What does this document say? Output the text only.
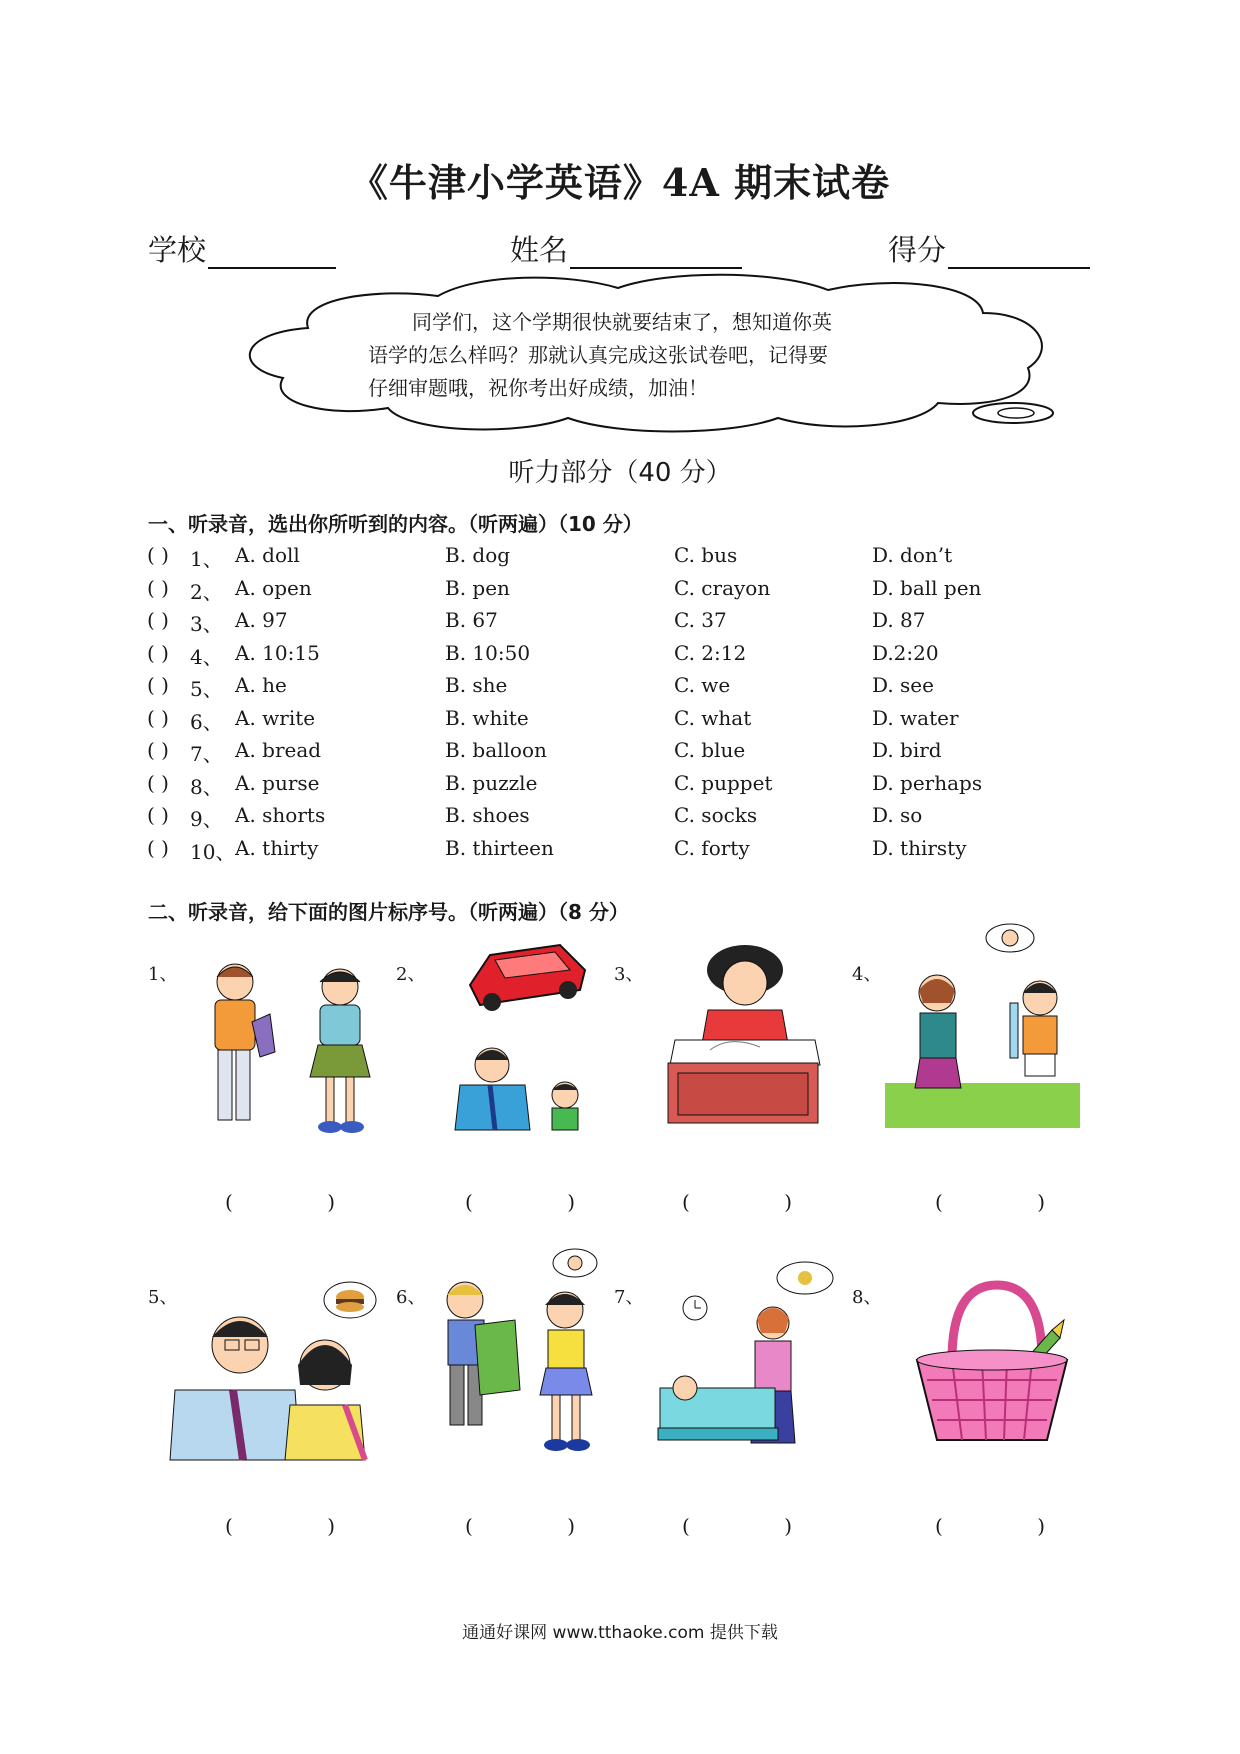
《牛津小学英语》4A 期末试卷
学校	姓名	得分
同学们，这个学期很快就要结束了，想知道你英
语学的怎么样吗？那就认真完成这张试卷吧，记得要
仔细审题哦，祝你考出好成绩，加油！
听力部分（40 分）
一、听录音，选出你所听到的内容。（听两遍）（10 分）
( ) 1、 A. doll	B. dog	C. bus	D. don’t
( ) 2、 A. open	B. pen	C. crayon	D. ball pen
( ) 3、 A. 97	B. 67	C. 37	D. 87
( ) 4、 A. 10:15	B. 10:50	C. 2:12	D.2:20
( ) 5、 A. he	B. she	C. we	D. see
( ) 6、 A. write	B. white	C. what	D. water
( ) 7、 A. bread	B. balloon	C. blue	D. bird
( ) 8、 A. purse	B. puzzle	C. puppet	D. perhaps
( ) 9、 A. shorts	B. shoes	C. socks	D. so
( ) 10、 A. thirty	B. thirteen	C. forty	D. thirsty
二、听录音，给下面的图片标序号。（听两遍）（8 分）
1、	2、	3、	4、
5、	6、	7、	8、
(	)	(	)	(	)	(	)
(	)	(	)	(	)	(	)
通通好课网 www.tthaoke.com 提供下载
